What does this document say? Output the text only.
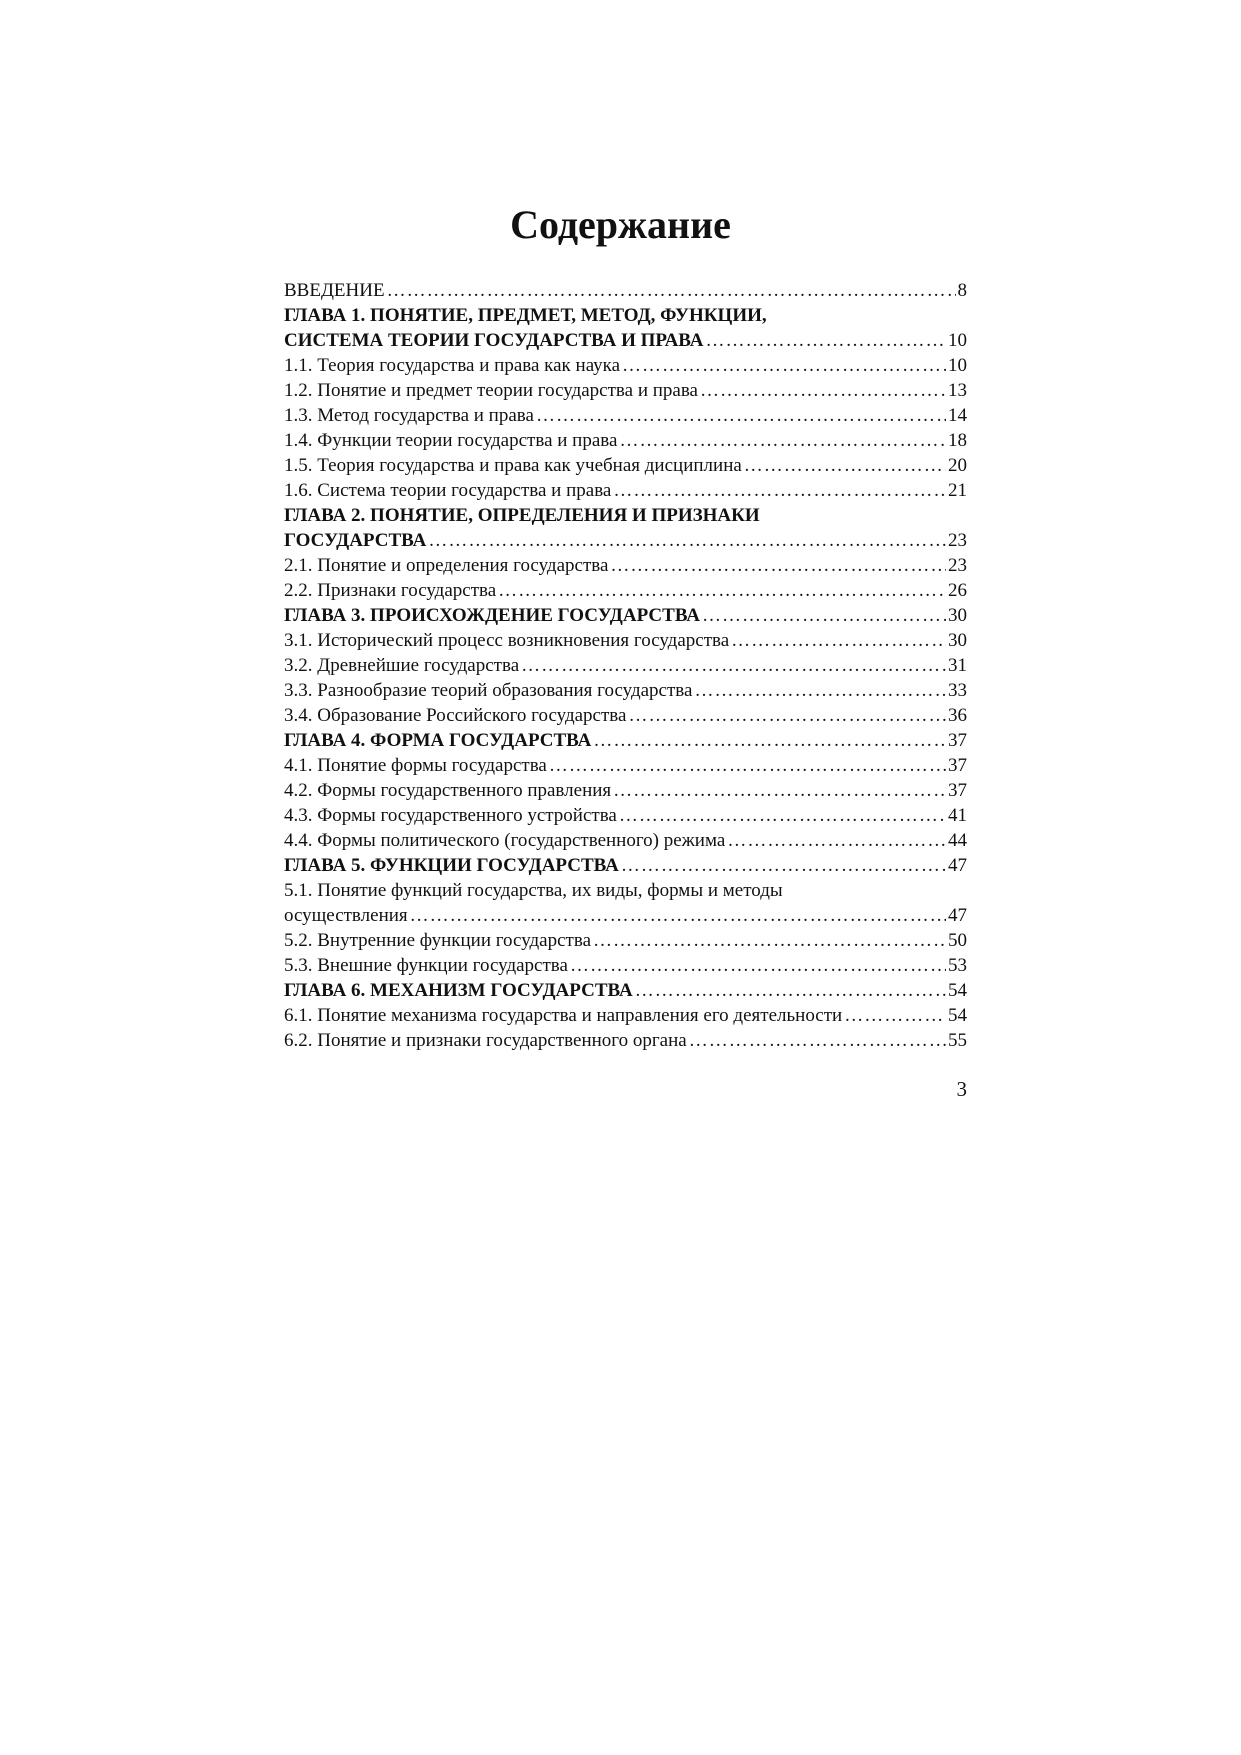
Содержание
ВВЕДЕНИЕ ……………………………………………………………………………………………………………………………………………………………	8
ГЛАВА 1. ПОНЯТИЕ, ПРЕДМЕТ, МЕТОД, ФУНКЦИИ,
СИСТЕМА ТЕОРИИ ГОСУДАРСТВА И ПРАВА ……………………………………………………………………………………………………………………………………………………………	10
1.1. Теория государства и права как наука ……………………………………………………………………………………………………………………………………………………………	10
1.2. Понятие и предмет теории государства и права ……………………………………………………………………………………………………………………………………………………………	13
1.3. Метод государства и права ……………………………………………………………………………………………………………………………………………………………	14
1.4. Функции теории государства и права ……………………………………………………………………………………………………………………………………………………………	18
1.5. Теория государства и права как учебная дисциплина ……………………………………………………………………………………………………………………………………………………………	20
1.6. Система теории государства и права ……………………………………………………………………………………………………………………………………………………………	21
ГЛАВА 2. ПОНЯТИЕ, ОПРЕДЕЛЕНИЯ И ПРИЗНАКИ
ГОСУДАРСТВА ……………………………………………………………………………………………………………………………………………………………	23
2.1. Понятие и определения государства ……………………………………………………………………………………………………………………………………………………………	23
2.2. Признаки государства ……………………………………………………………………………………………………………………………………………………………	26
ГЛАВА 3. ПРОИСХОЖДЕНИЕ ГОСУДАРСТВА ……………………………………………………………………………………………………………………………………………………………	30
3.1. Исторический процесс возникновения государства ……………………………………………………………………………………………………………………………………………………………	30
3.2. Древнейшие государства ……………………………………………………………………………………………………………………………………………………………	31
3.3. Разнообразие теорий образования государства ……………………………………………………………………………………………………………………………………………………………	33
3.4. Образование Российского государства ……………………………………………………………………………………………………………………………………………………………	36
ГЛАВА 4. ФОРМА ГОСУДАРСТВА ……………………………………………………………………………………………………………………………………………………………	37
4.1. Понятие формы государства ……………………………………………………………………………………………………………………………………………………………	37
4.2. Формы государственного правления ……………………………………………………………………………………………………………………………………………………………	37
4.3. Формы государственного устройства ……………………………………………………………………………………………………………………………………………………………	41
4.4. Формы политического (государственного) режима ……………………………………………………………………………………………………………………………………………………………	44
ГЛАВА 5. ФУНКЦИИ ГОСУДАРСТВА ……………………………………………………………………………………………………………………………………………………………	47
5.1. Понятие функций государства, их виды, формы и методы
осуществления ……………………………………………………………………………………………………………………………………………………………	47
5.2. Внутренние функции государства ……………………………………………………………………………………………………………………………………………………………	50
5.3. Внешние функции государства ……………………………………………………………………………………………………………………………………………………………	53
ГЛАВА 6. МЕХАНИЗМ ГОСУДАРСТВА ……………………………………………………………………………………………………………………………………………………………	54
6.1. Понятие механизма государства и направления его деятельности ……………………………………………………………………………………………………………………………………………………………	54
6.2. Понятие и признаки государственного органа ……………………………………………………………………………………………………………………………………………………………	55
3
